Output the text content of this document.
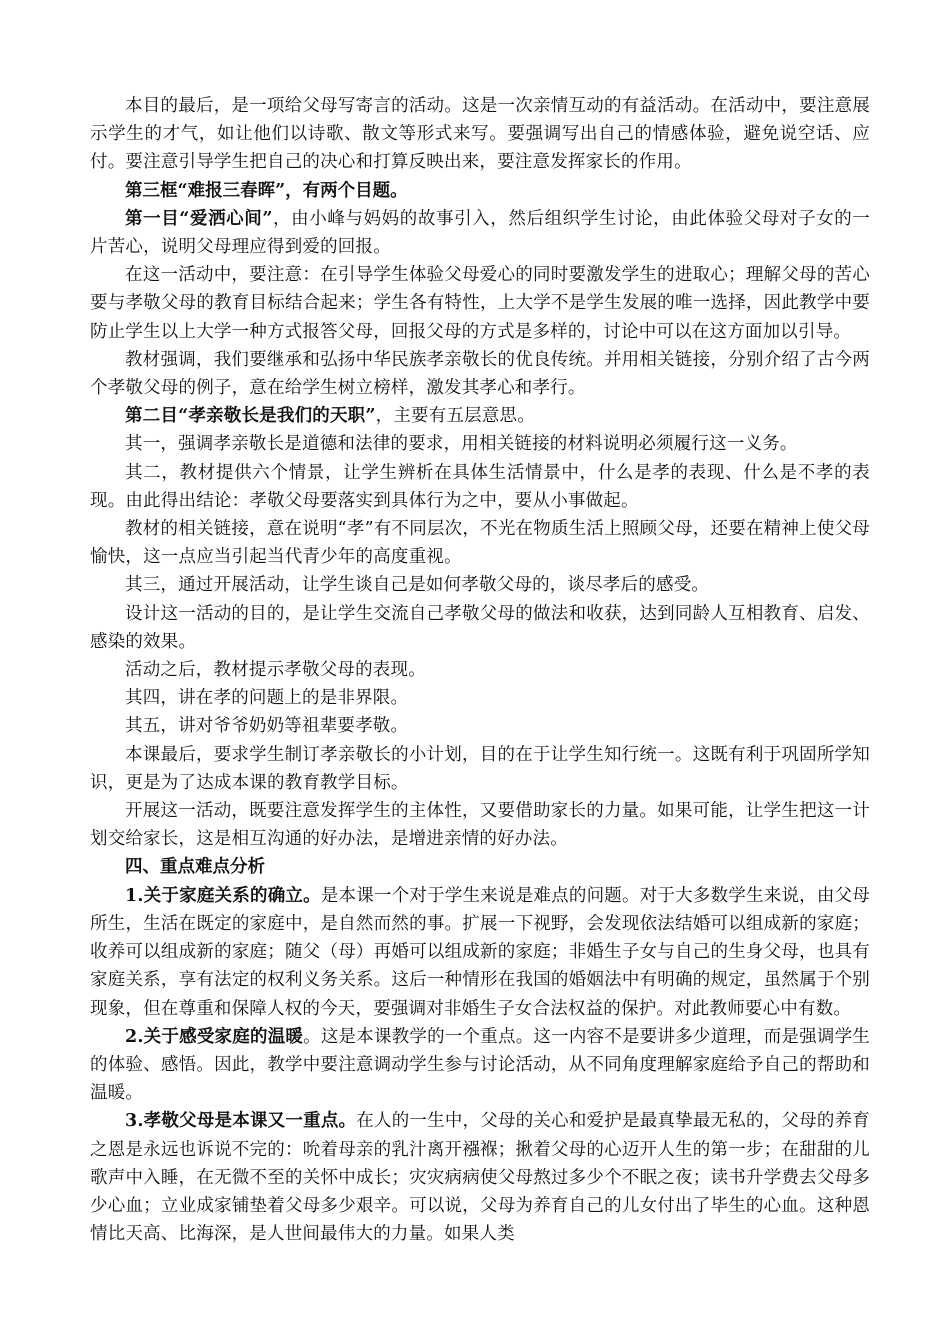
本目的最后，是一项给父母写寄言的活动。这是一次亲情互动的有益活动。在活动中，要注意展示学生的才气，如让他们以诗歌、散文等形式来写。要强调写出自己的情感体验，避免说空话、应付。要注意引导学生把自己的决心和打算反映出来，要注意发挥家长的作用。

第三框“难报三春晖”，有两个目题。

第一目“爱洒心间”，由小峰与妈妈的故事引入，然后组织学生讨论，由此体验父母对子女的一片苦心，说明父母理应得到爱的回报。

在这一活动中，要注意：在引导学生体验父母爱心的同时要激发学生的进取心；理解父母的苦心要与孝敬父母的教育目标结合起来；学生各有特性，上大学不是学生发展的唯一选择，因此教学中要防止学生以上大学一种方式报答父母，回报父母的方式是多样的，讨论中可以在这方面加以引导。

教材强调，我们要继承和弘扬中华民族孝亲敬长的优良传统。并用相关链接，分别介绍了古今两个孝敬父母的例子，意在给学生树立榜样，激发其孝心和孝行。

第二目“孝亲敬长是我们的天职”，主要有五层意思。

其一，强调孝亲敬长是道德和法律的要求，用相关链接的材料说明必须履行这一义务。

其二，教材提供六个情景，让学生辨析在具体生活情景中，什么是孝的表现、什么是不孝的表现。由此得出结论：孝敬父母要落实到具体行为之中，要从小事做起。

教材的相关链接，意在说明“孝”有不同层次，不光在物质生活上照顾父母，还要在精神上使父母愉快，这一点应当引起当代青少年的高度重视。

其三，通过开展活动，让学生谈自己是如何孝敬父母的，谈尽孝后的感受。

设计这一活动的目的，是让学生交流自己孝敬父母的做法和收获，达到同龄人互相教育、启发、感染的效果。

活动之后，教材提示孝敬父母的表现。

其四，讲在孝的问题上的是非界限。

其五，讲对爷爷奶奶等祖辈要孝敬。

本课最后，要求学生制订孝亲敬长的小计划，目的在于让学生知行统一。这既有利于巩固所学知识，更是为了达成本课的教育教学目标。

开展这一活动，既要注意发挥学生的主体性，又要借助家长的力量。如果可能，让学生把这一计划交给家长，这是相互沟通的好办法，是增进亲情的好办法。

四、重点难点分析

1.关于家庭关系的确立。是本课一个对于学生来说是难点的问题。对于大多数学生来说，由父母所生，生活在既定的家庭中，是自然而然的事。扩展一下视野，会发现依法结婚可以组成新的家庭；收养可以组成新的家庭；随父（母）再婚可以组成新的家庭；非婚生子女与自己的生身父母，也具有家庭关系，享有法定的权利义务关系。这后一种情形在我国的婚姻法中有明确的规定，虽然属于个别现象，但在尊重和保障人权的今天，要强调对非婚生子女合法权益的保护。对此教师要心中有数。

2.关于感受家庭的温暖。这是本课教学的一个重点。这一内容不是要讲多少道理，而是强调学生的体验、感悟。因此，教学中要注意调动学生参与讨论活动，从不同角度理解家庭给予自己的帮助和温暖。

3.孝敬父母是本课又一重点。在人的一生中，父母的关心和爱护是最真挚最无私的，父母的养育之恩是永远也诉说不完的：吮着母亲的乳汁离开襁褓；揪着父母的心迈开人生的第一步；在甜甜的儿歌声中入睡，在无微不至的关怀中成长；灾灾病病使父母熬过多少个不眠之夜；读书升学费去父母多少心血；立业成家铺垫着父母多少艰辛。可以说，父母为养育自己的儿女付出了毕生的心血。这种恩情比天高、比海深，是人世间最伟大的力量。如果人类
